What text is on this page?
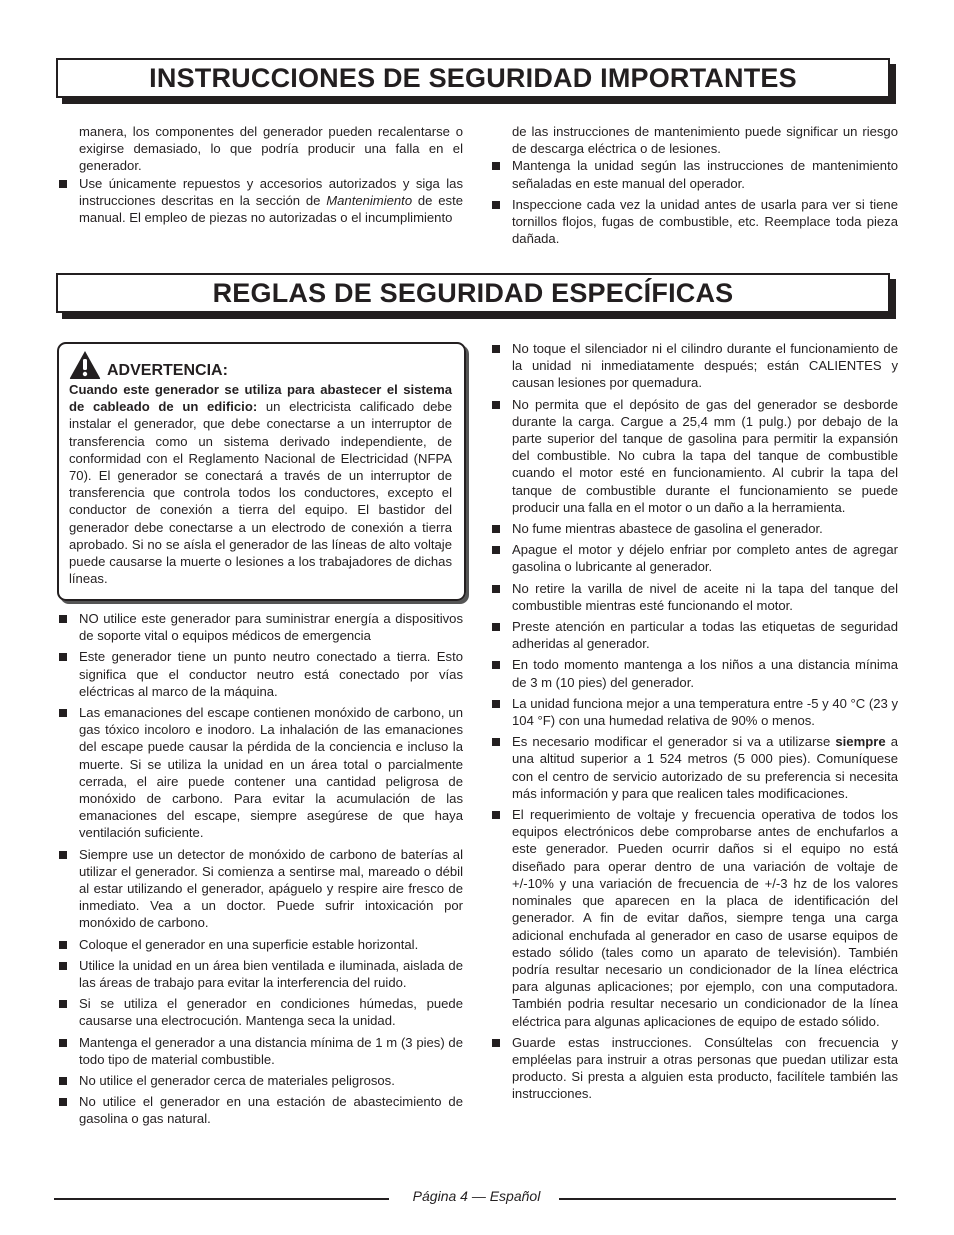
INSTRUCCIONES DE SEGURIDAD IMPORTANTES

manera, los componentes del generador pueden recalentarse o exigirse demasiado, lo que podría producir una falla en el generador.

Use únicamente repuestos y accesorios autorizados y siga las instrucciones descritas en la sección de Mantenimiento de este manual. El empleo de piezas no autorizadas o el incumplimiento

de las instrucciones de mantenimiento puede significar un riesgo de descarga eléctrica o de lesiones.

Mantenga la unidad según las instrucciones de mantenimiento señaladas en este manual del operador.
Inspeccione cada vez la unidad antes de usarla para ver si tiene tornillos flojos, fugas de combustible, etc. Reemplace toda pieza dañada.
REGLAS DE SEGURIDAD ESPECÍFICAS
ADVERTENCIA:
Cuando este generador se utiliza para abastecer el sistema de cableado de un edificio: un electricista calificado debe instalar el generador, que debe conectarse a un interruptor de transferencia como un sistema derivado independiente, de conformidad con el Reglamento Nacional de Electricidad (NFPA 70). El generador se conectará a través de un interruptor de transferencia que controla todos los conductores, excepto el conductor de conexión a tierra del equipo. El bastidor del generador debe conectarse a un electrodo de conexión a tierra aprobado. Si no se aísla el generador de las líneas de alto voltaje puede causarse la muerte o lesiones a los trabajadores de dichas líneas.
NO utilice este generador para suministrar energía a dispositivos de soporte vital o equipos médicos de emergencia
Este generador tiene un punto neutro conectado a tierra. Esto significa que el conductor neutro está conectado por vías eléctricas al marco de la máquina.
Las emanaciones del escape contienen monóxido de carbono, un gas tóxico incoloro e inodoro. La inhalación de las emanaciones del escape puede causar la pérdida de la conciencia e incluso la muerte. Si se utiliza la unidad en un área total o parcialmente cerrada, el aire puede contener una cantidad peligrosa de monóxido de carbono. Para evitar la acumulación de las emanaciones del escape, siempre asegúrese de que haya ventilación suficiente.
Siempre use un detector de monóxido de carbono de baterías al utilizar el generador. Si comienza a sentirse mal, mareado o débil al estar utilizando el generador, apáguelo y respire aire fresco de inmediato. Vea a un doctor. Puede sufrir intoxicación por monóxido de carbono.
Coloque el generador en una superficie estable horizontal.
Utilice la unidad en un área bien ventilada e iluminada, aislada de las áreas de trabajo para evitar la interferencia del ruido.
Si se utiliza el generador en condiciones húmedas, puede causarse una electrocución. Mantenga seca la unidad.
Mantenga el generador a una distancia mínima de 1 m (3 pies) de todo tipo de material combustible.
No utilice el generador cerca de materiales peligrosos.
No utilice el generador en una estación de abastecimiento de gasolina o gas natural.
No toque el silenciador ni el cilindro durante el funcionamiento de la unidad ni inmediatamente después; están CALIENTES y causan lesiones por quemadura.
No permita que el depósito de gas del generador se desborde durante la carga. Cargue a 25,4 mm (1 pulg.) por debajo de la parte superior del tanque de gasolina para permitir la expansión del combustible. No cubra la tapa del tanque de combustible cuando el motor esté en funcionamiento. Al cubrir la tapa del tanque de combustible durante el funcionamiento se puede producir una falla en el motor o un daño a la herramienta.
No fume mientras abastece de gasolina el generador.
Apague el motor y déjelo enfriar por completo antes de agregar gasolina o lubricante al generador.
No retire la varilla de nivel de aceite ni la tapa del tanque del combustible mientras esté funcionando el motor.
Preste atención en particular a todas las etiquetas de seguridad adheridas al generador.
En todo momento mantenga a los niños a una distancia mínima de 3 m (10 pies) del generador.
La unidad funciona mejor a una temperatura entre -5 y 40 °C (23 y 104 °F) con una humedad relativa de 90% o menos.
Es necesario modificar el generador si va a utilizarse siempre a una altitud superior a 1 524 metros (5 000 pies). Comuníquese con el centro de servicio autorizado de su preferencia si necesita más información y para que realicen tales modificaciones.
El requerimiento de voltaje y frecuencia operativa de todos los equipos electrónicos debe comprobarse antes de enchufarlos a este generador. Pueden ocurrir daños si el equipo no está diseñado para operar dentro de una variación de voltaje de +/-10% y una variación de frecuencia de +/-3 hz de los valores nominales que aparecen en la placa de identificación del generador. A fin de evitar daños, siempre tenga una carga adicional enchufada al generador en caso de usarse equipos de estado sólido (tales como un aparato de televisión). También podría resultar necesario un condicionador de la línea eléctrica para algunas aplicaciones; por ejemplo, con una computadora. También podria resultar necesario un condicionador de la línea eléctrica para algunas aplicaciones de equipo de estado sólido.
Guarde estas instrucciones. Consúltelas con frecuencia y empléelas para instruir a otras personas que puedan utilizar esta producto. Si presta a alguien esta producto, facilítele también las instrucciones.
Página 4 — Español
